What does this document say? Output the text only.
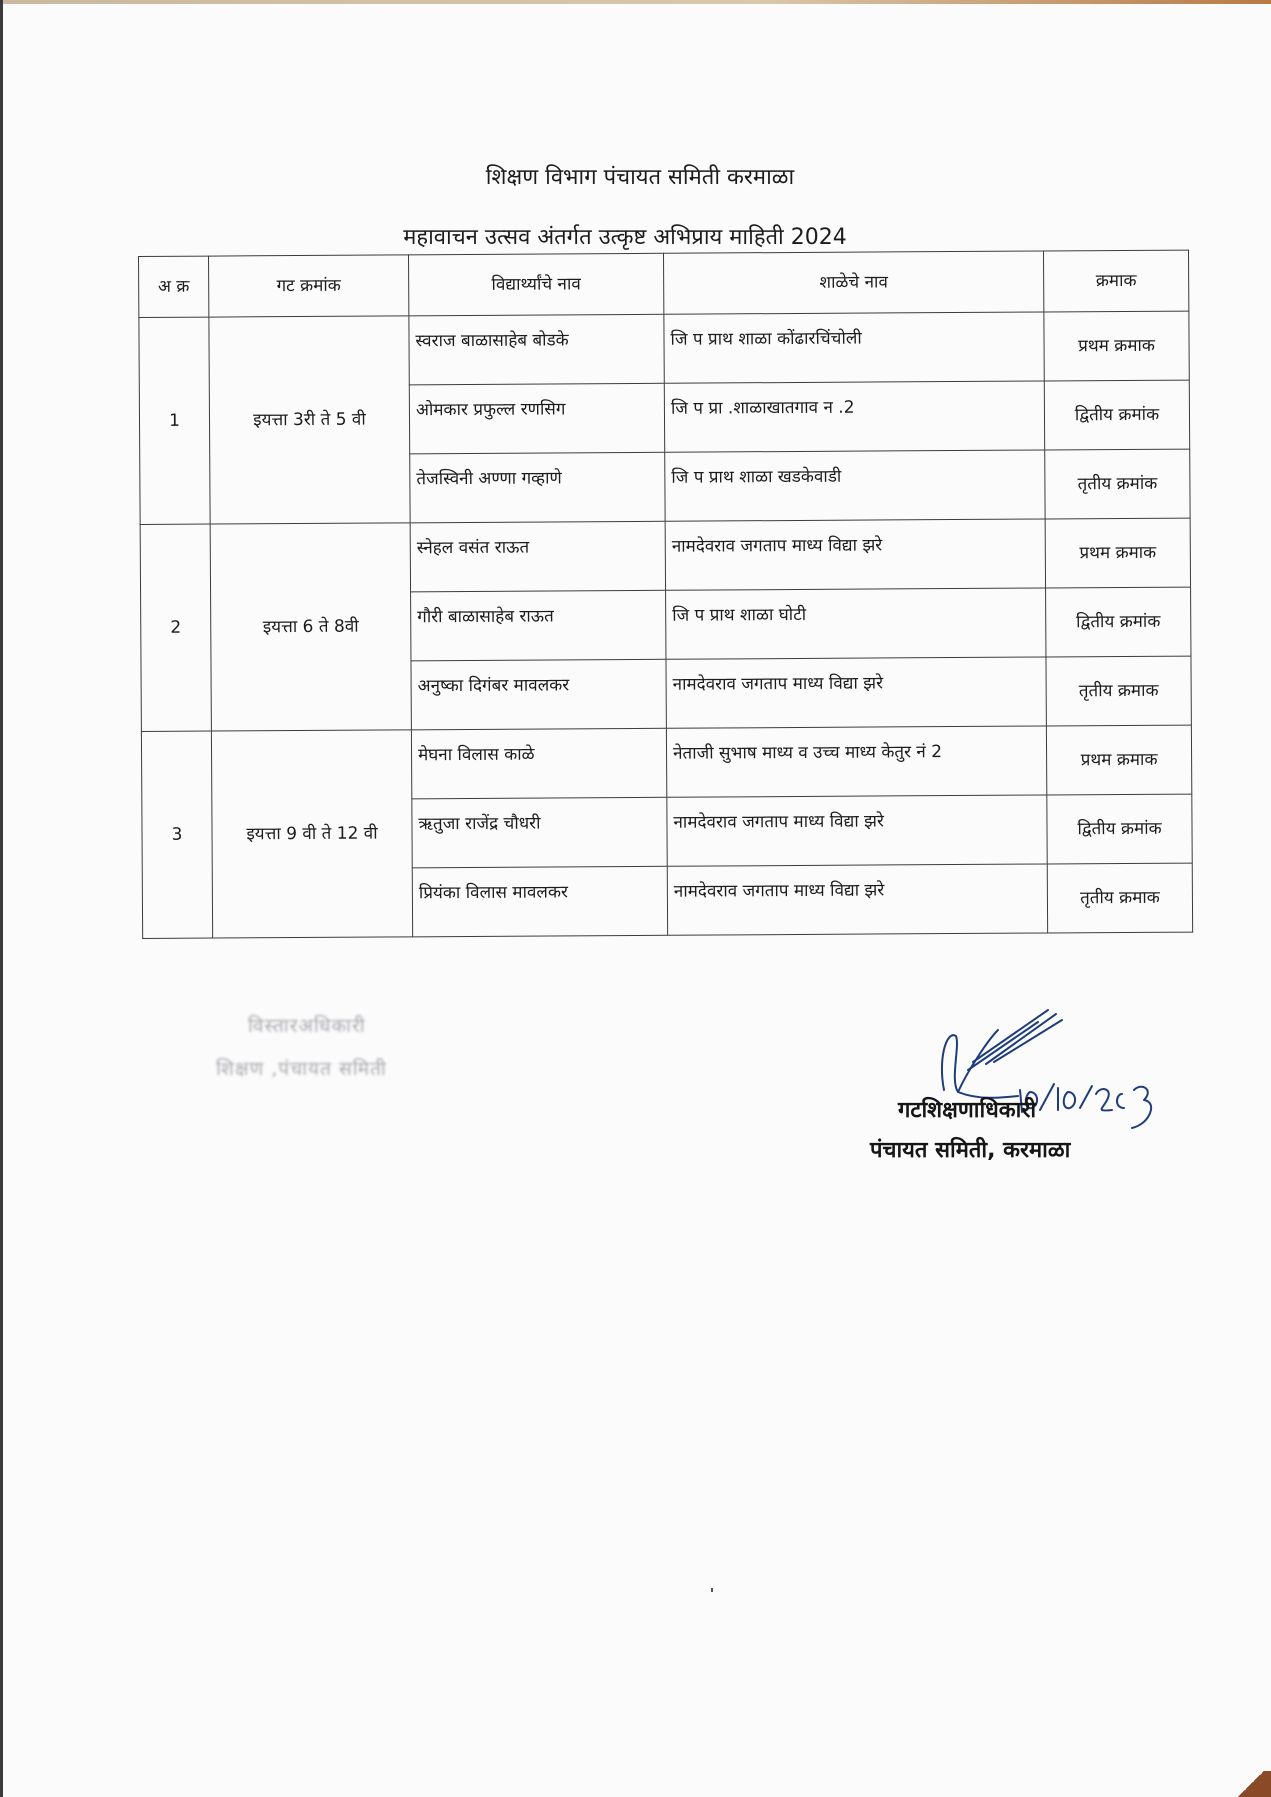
शिक्षण विभाग पंचायत समिती करमाळा
महावाचन उत्सव अंतर्गत उत्कृष्ट अभिप्राय माहिती 2024
अ क्र	गट क्रमांक	विद्यार्थ्यांचे नाव	शाळेचे नाव	क्रमाक
1	इयत्ता 3री ते 5 वी	स्वराज बाळासाहेब बोडके	जि प प्राथ शाळा कोंढारचिंचोली	प्रथम क्रमाक
		ओमकार प्रफुल्ल रणसिग	जि प प्रा .शाळाखातगाव न .2	द्वितीय क्रमांक
		तेजस्विनी अण्णा गव्हाणे	जि प प्राथ शाळा खडकेवाडी	तृतीय क्रमांक
2	इयत्ता 6 ते 8वी	स्नेहल वसंत राऊत	नामदेवराव जगताप माध्य विद्या झरे	प्रथम क्रमाक
		गौरी बाळासाहेब राऊत	जि प प्राथ शाळा घोटी	द्वितीय क्रमांक
		अनुष्का दिगंबर मावलकर	नामदेवराव जगताप माध्य विद्या झरे	तृतीय क्रमाक
3	इयत्ता 9 वी ते 12 वी	मेघना विलास काळे	नेताजी सुभाष माध्य व उच्च माध्य केतुर नं 2	प्रथम क्रमाक
		ऋतुजा राजेंद्र चौधरी	नामदेवराव जगताप माध्य विद्या झरे	द्वितीय क्रमांक
		प्रियंका विलास मावलकर	नामदेवराव जगताप माध्य विद्या झरे	तृतीय क्रमाक
विस्तारअधिकारी
शिक्षण ,पंचायत समिती
गटशिक्षणाधिकारी
पंचायत समिती, करमाळा
